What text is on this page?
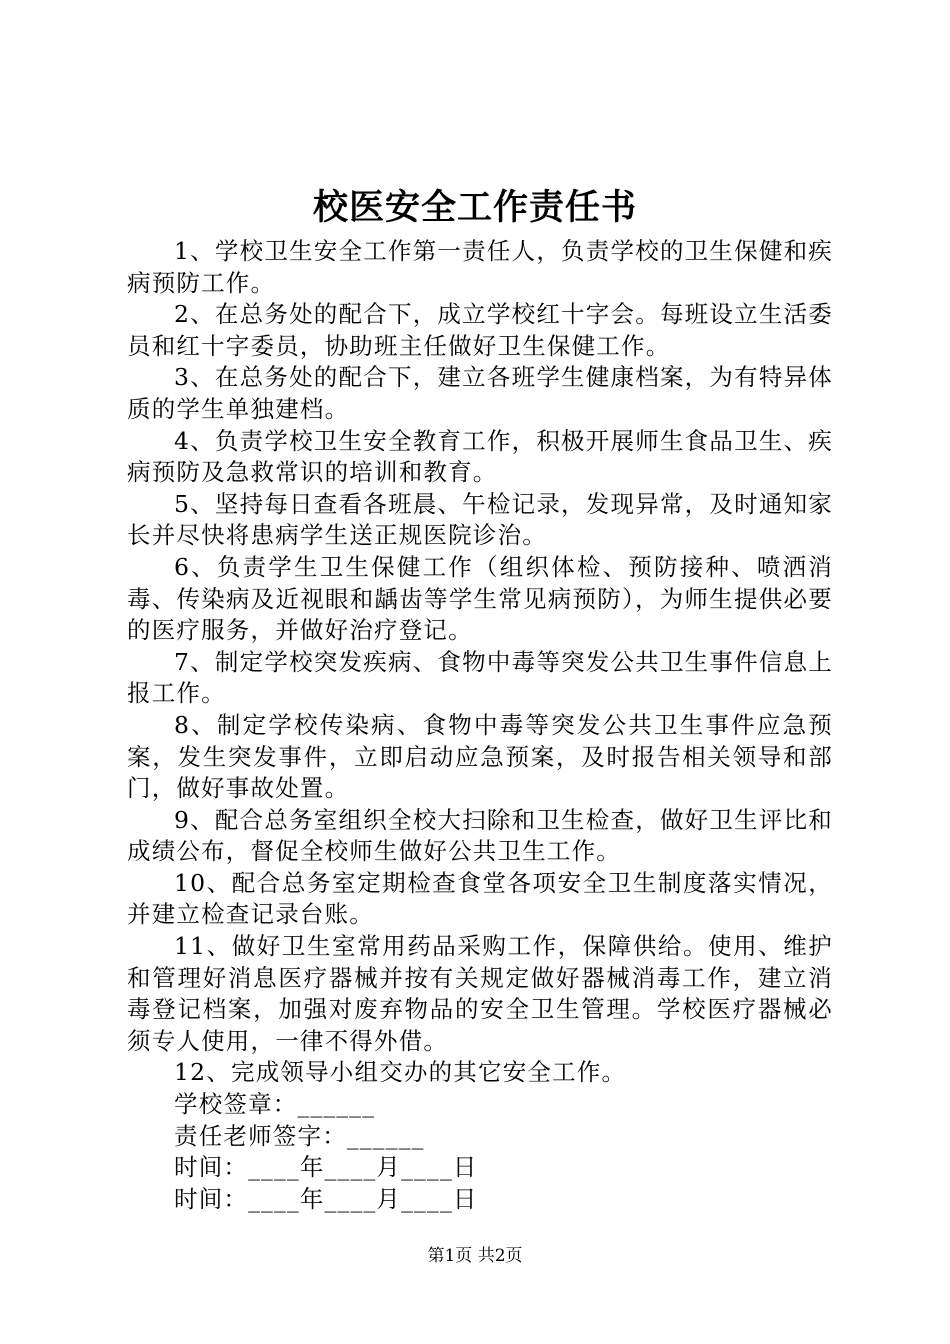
校医安全工作责任书

1、学校卫生安全工作第一责任人，负责学校的卫生保健和疾病预防工作。

2、在总务处的配合下，成立学校红十字会。每班设立生活委员和红十字委员，协助班主任做好卫生保健工作。

3、在总务处的配合下，建立各班学生健康档案，为有特异体质的学生单独建档。

4、负责学校卫生安全教育工作，积极开展师生食品卫生、疾病预防及急救常识的培训和教育。

5、坚持每日查看各班晨、午检记录，发现异常，及时通知家长并尽快将患病学生送正规医院诊治。

6、负责学生卫生保健工作（组织体检、预防接种、喷洒消毒、传染病及近视眼和龋齿等学生常见病预防），为师生提供必要的医疗服务，并做好治疗登记。

7、制定学校突发疾病、食物中毒等突发公共卫生事件信息上报工作。

8、制定学校传染病、食物中毒等突发公共卫生事件应急预案，发生突发事件，立即启动应急预案，及时报告相关领导和部门，做好事故处置。

9、配合总务室组织全校大扫除和卫生检查，做好卫生评比和成绩公布，督促全校师生做好公共卫生工作。

10、配合总务室定期检查食堂各项安全卫生制度落实情况，并建立检查记录台账。

11、做好卫生室常用药品采购工作，保障供给。使用、维护和管理好消息医疗器械并按有关规定做好器械消毒工作，建立消毒登记档案，加强对废弃物品的安全卫生管理。学校医疗器械必须专人使用，一律不得外借。

12、完成领导小组交办的其它安全工作。

学校签章：______

责任老师签字：______

时间：____年____月____日

时间：____年____月____日

第1页 共2页
